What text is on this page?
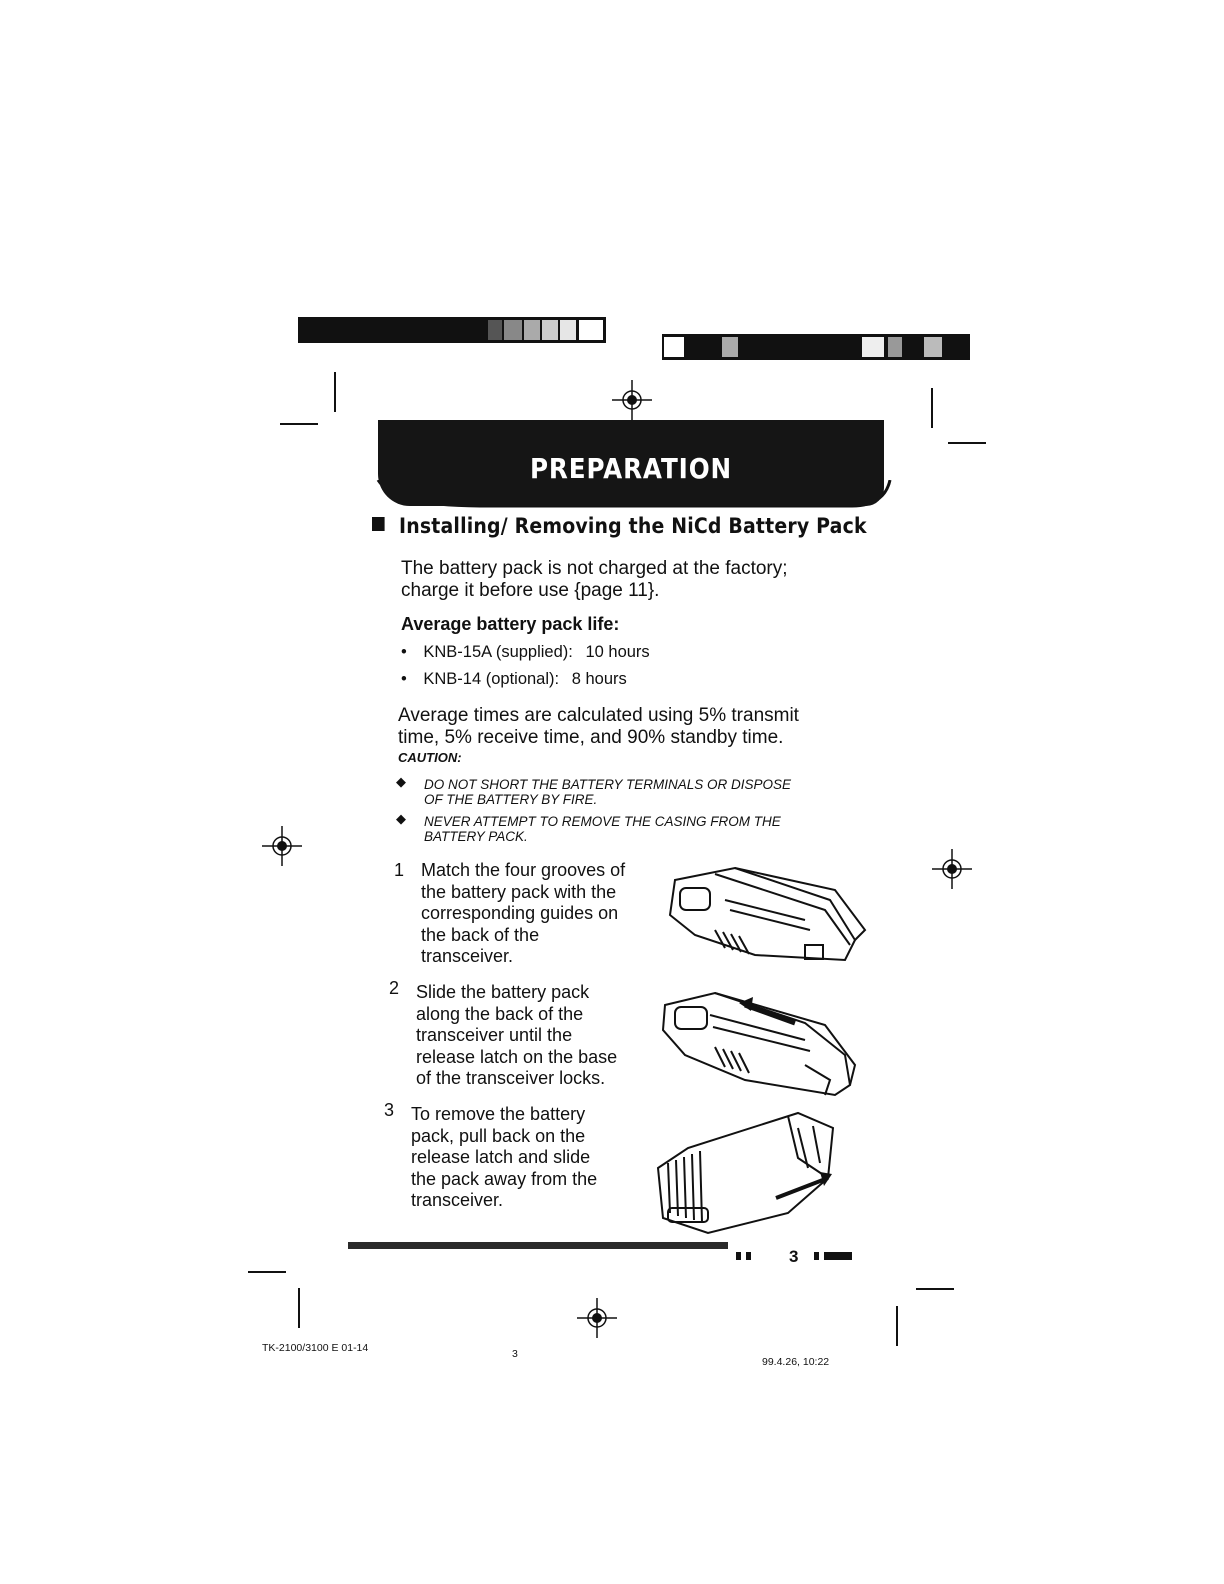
PREPARATION
Installing/ Removing the NiCd Battery Pack
The battery pack is not charged at the factory;
charge it before use {page 11}.
Average battery pack life:
• KNB-15A (supplied): 10 hours
• KNB-14 (optional): 8 hours
Average times are calculated using 5% transmit
time, 5% receive time, and 90% standby time.
CAUTION:
◆ DO NOT SHORT THE BATTERY TERMINALS OR DISPOSE
OF THE BATTERY BY FIRE.
◆ NEVER ATTEMPT TO REMOVE THE CASING FROM THE
BATTERY PACK.
1 Match the four grooves of
the battery pack with the
corresponding guides on
the back of the
transceiver.
2 Slide the battery pack
along the back of the
transceiver until the
release latch on the base
of the transceiver locks.
3 To remove the battery
pack, pull back on the
release latch and slide
the pack away from the
transceiver.
3
TK-2100/3100 E 01-14	3
99.4.26, 10:22
